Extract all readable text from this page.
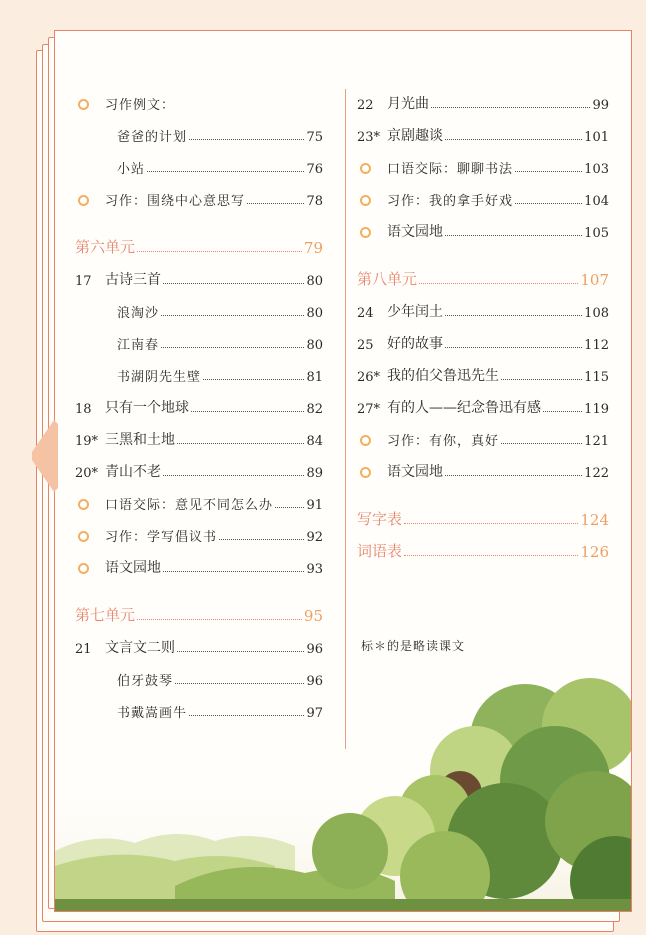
习作例文：
爸爸的计划	75
小站	76
习作：围绕中心意思写	78
第六单元	79
17 古诗三首	80
浪淘沙	80
江南春	80
书湖阴先生壁	81
18 只有一个地球	82
19* 三黑和土地	84
20* 青山不老	89
口语交际：意见不同怎么办	91
习作：学写倡议书	92
语文园地	93
第七单元	95
21 文言文二则	96
伯牙鼓琴	96
书戴嵩画牛	97
22 月光曲	99
23* 京剧趣谈	101
口语交际：聊聊书法	103
习作：我的拿手好戏	104
语文园地	105
第八单元	107
24 少年闰土	108
25 好的故事	112
26* 我的伯父鲁迅先生	115
27* 有的人——纪念鲁迅有感	119
习作：有你，真好	121
语文园地	122
写字表	124
词语表	126
标＊的是略读课文
